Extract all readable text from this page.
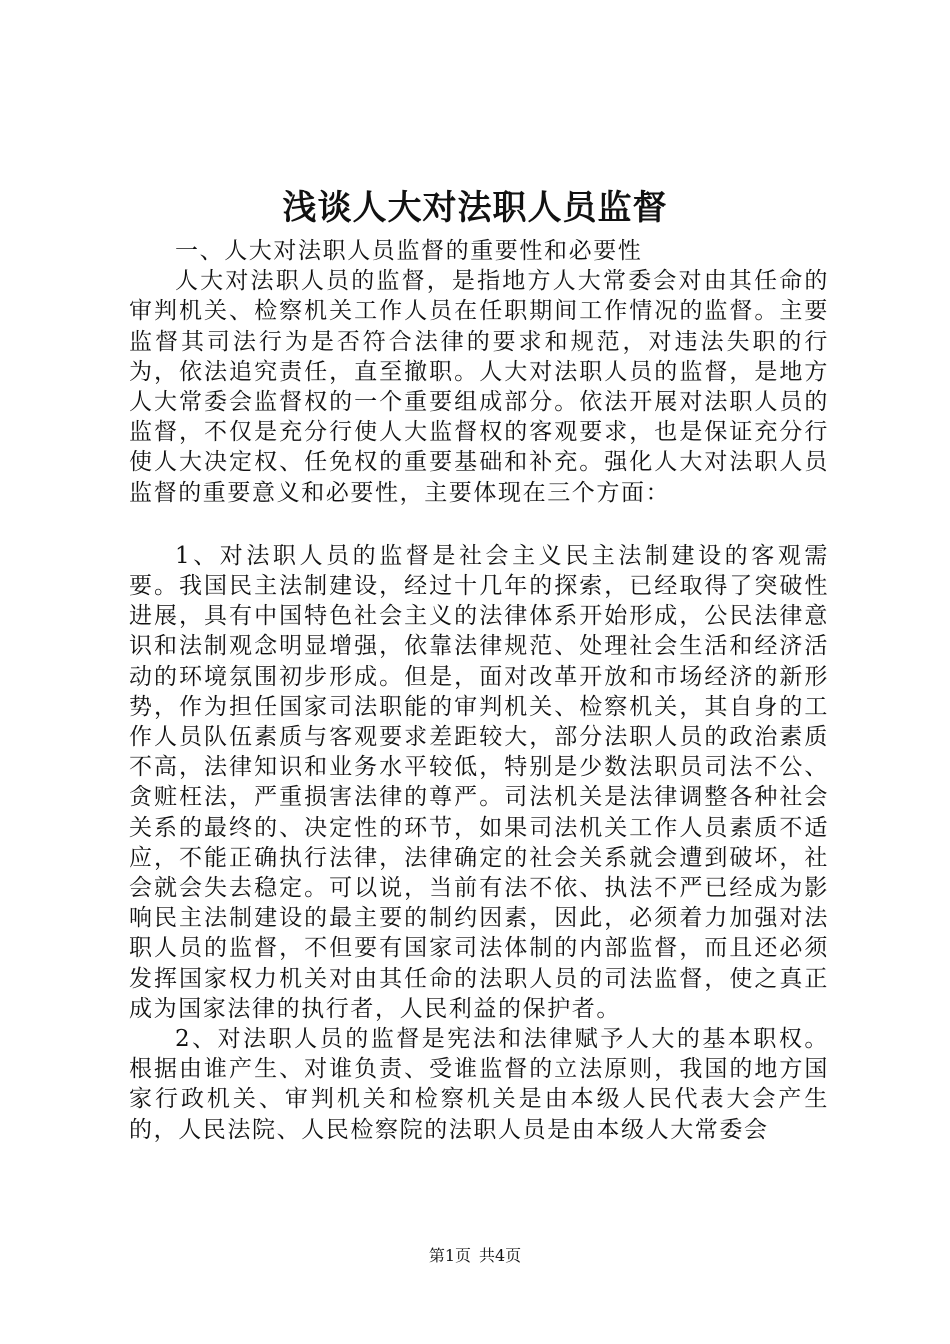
浅谈人大对法职人员监督

一、人大对法职人员监督的重要性和必要性

人大对法职人员的监督，是指地方人大常委会对由其任命的审判机关、检察机关工作人员在任职期间工作情况的监督。主要监督其司法行为是否符合法律的要求和规范，对违法失职的行为，依法追究责任，直至撤职。人大对法职人员的监督，是地方人大常委会监督权的一个重要组成部分。依法开展对法职人员的监督，不仅是充分行使人大监督权的客观要求，也是保证充分行使人大决定权、任免权的重要基础和补充。强化人大对法职人员监督的重要意义和必要性，主要体现在三个方面：

1、对法职人员的监督是社会主义民主法制建设的客观需要。我国民主法制建设，经过十几年的探索，已经取得了突破性进展，具有中国特色社会主义的法律体系开始形成，公民法律意识和法制观念明显增强，依靠法律规范、处理社会生活和经济活动的环境氛围初步形成。但是，面对改革开放和市场经济的新形势，作为担任国家司法职能的审判机关、检察机关，其自身的工作人员队伍素质与客观要求差距较大，部分法职人员的政治素质不高，法律知识和业务水平较低，特别是少数法职员司法不公、贪赃枉法，严重损害法律的尊严。司法机关是法律调整各种社会关系的最终的、决定性的环节，如果司法机关工作人员素质不适应，不能正确执行法律，法律确定的社会关系就会遭到破坏，社会就会失去稳定。可以说，当前有法不依、执法不严已经成为影响民主法制建设的最主要的制约因素，因此，必须着力加强对法职人员的监督，不但要有国家司法体制的内部监督，而且还必须发挥国家权力机关对由其任命的法职人员的司法监督，使之真正成为国家法律的执行者，人民利益的保护者。

2、对法职人员的监督是宪法和法律赋予人大的基本职权。根据由谁产生、对谁负责、受谁监督的立法原则，我国的地方国家行政机关、审判机关和检察机关是由本级人民代表大会产生的，人民法院、人民检察院的法职人员是由本级人大常委会

第1页 共4页
